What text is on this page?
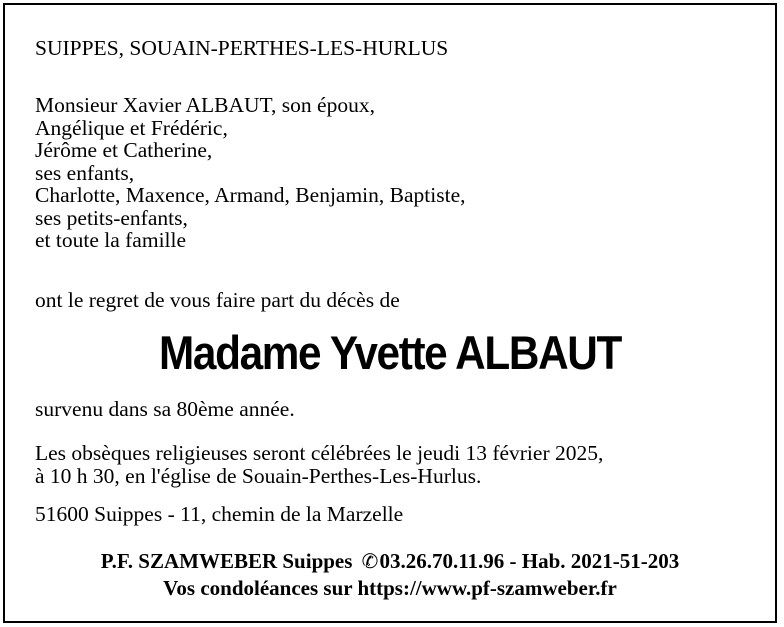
SUIPPES, SOUAIN-PERTHES-LES-HURLUS
Monsieur Xavier ALBAUT, son époux,
Angélique et Frédéric,
Jérôme et Catherine,
ses enfants,
Charlotte, Maxence, Armand, Benjamin, Baptiste,
ses petits-enfants,
et toute la famille
ont le regret de vous faire part du décès de
Madame Yvette ALBAUT
survenu dans sa 80ème année.
Les obsèques religieuses seront célébrées le jeudi 13 février 2025,
à 10 h 30, en l'église de Souain-Perthes-Les-Hurlus.
51600 Suippes - 11, chemin de la Marzelle
P.F. SZAMWEBER Suippes ✆03.26.70.11.96 - Hab. 2021-51-203
Vos condoléances sur https://www.pf-szamweber.fr
